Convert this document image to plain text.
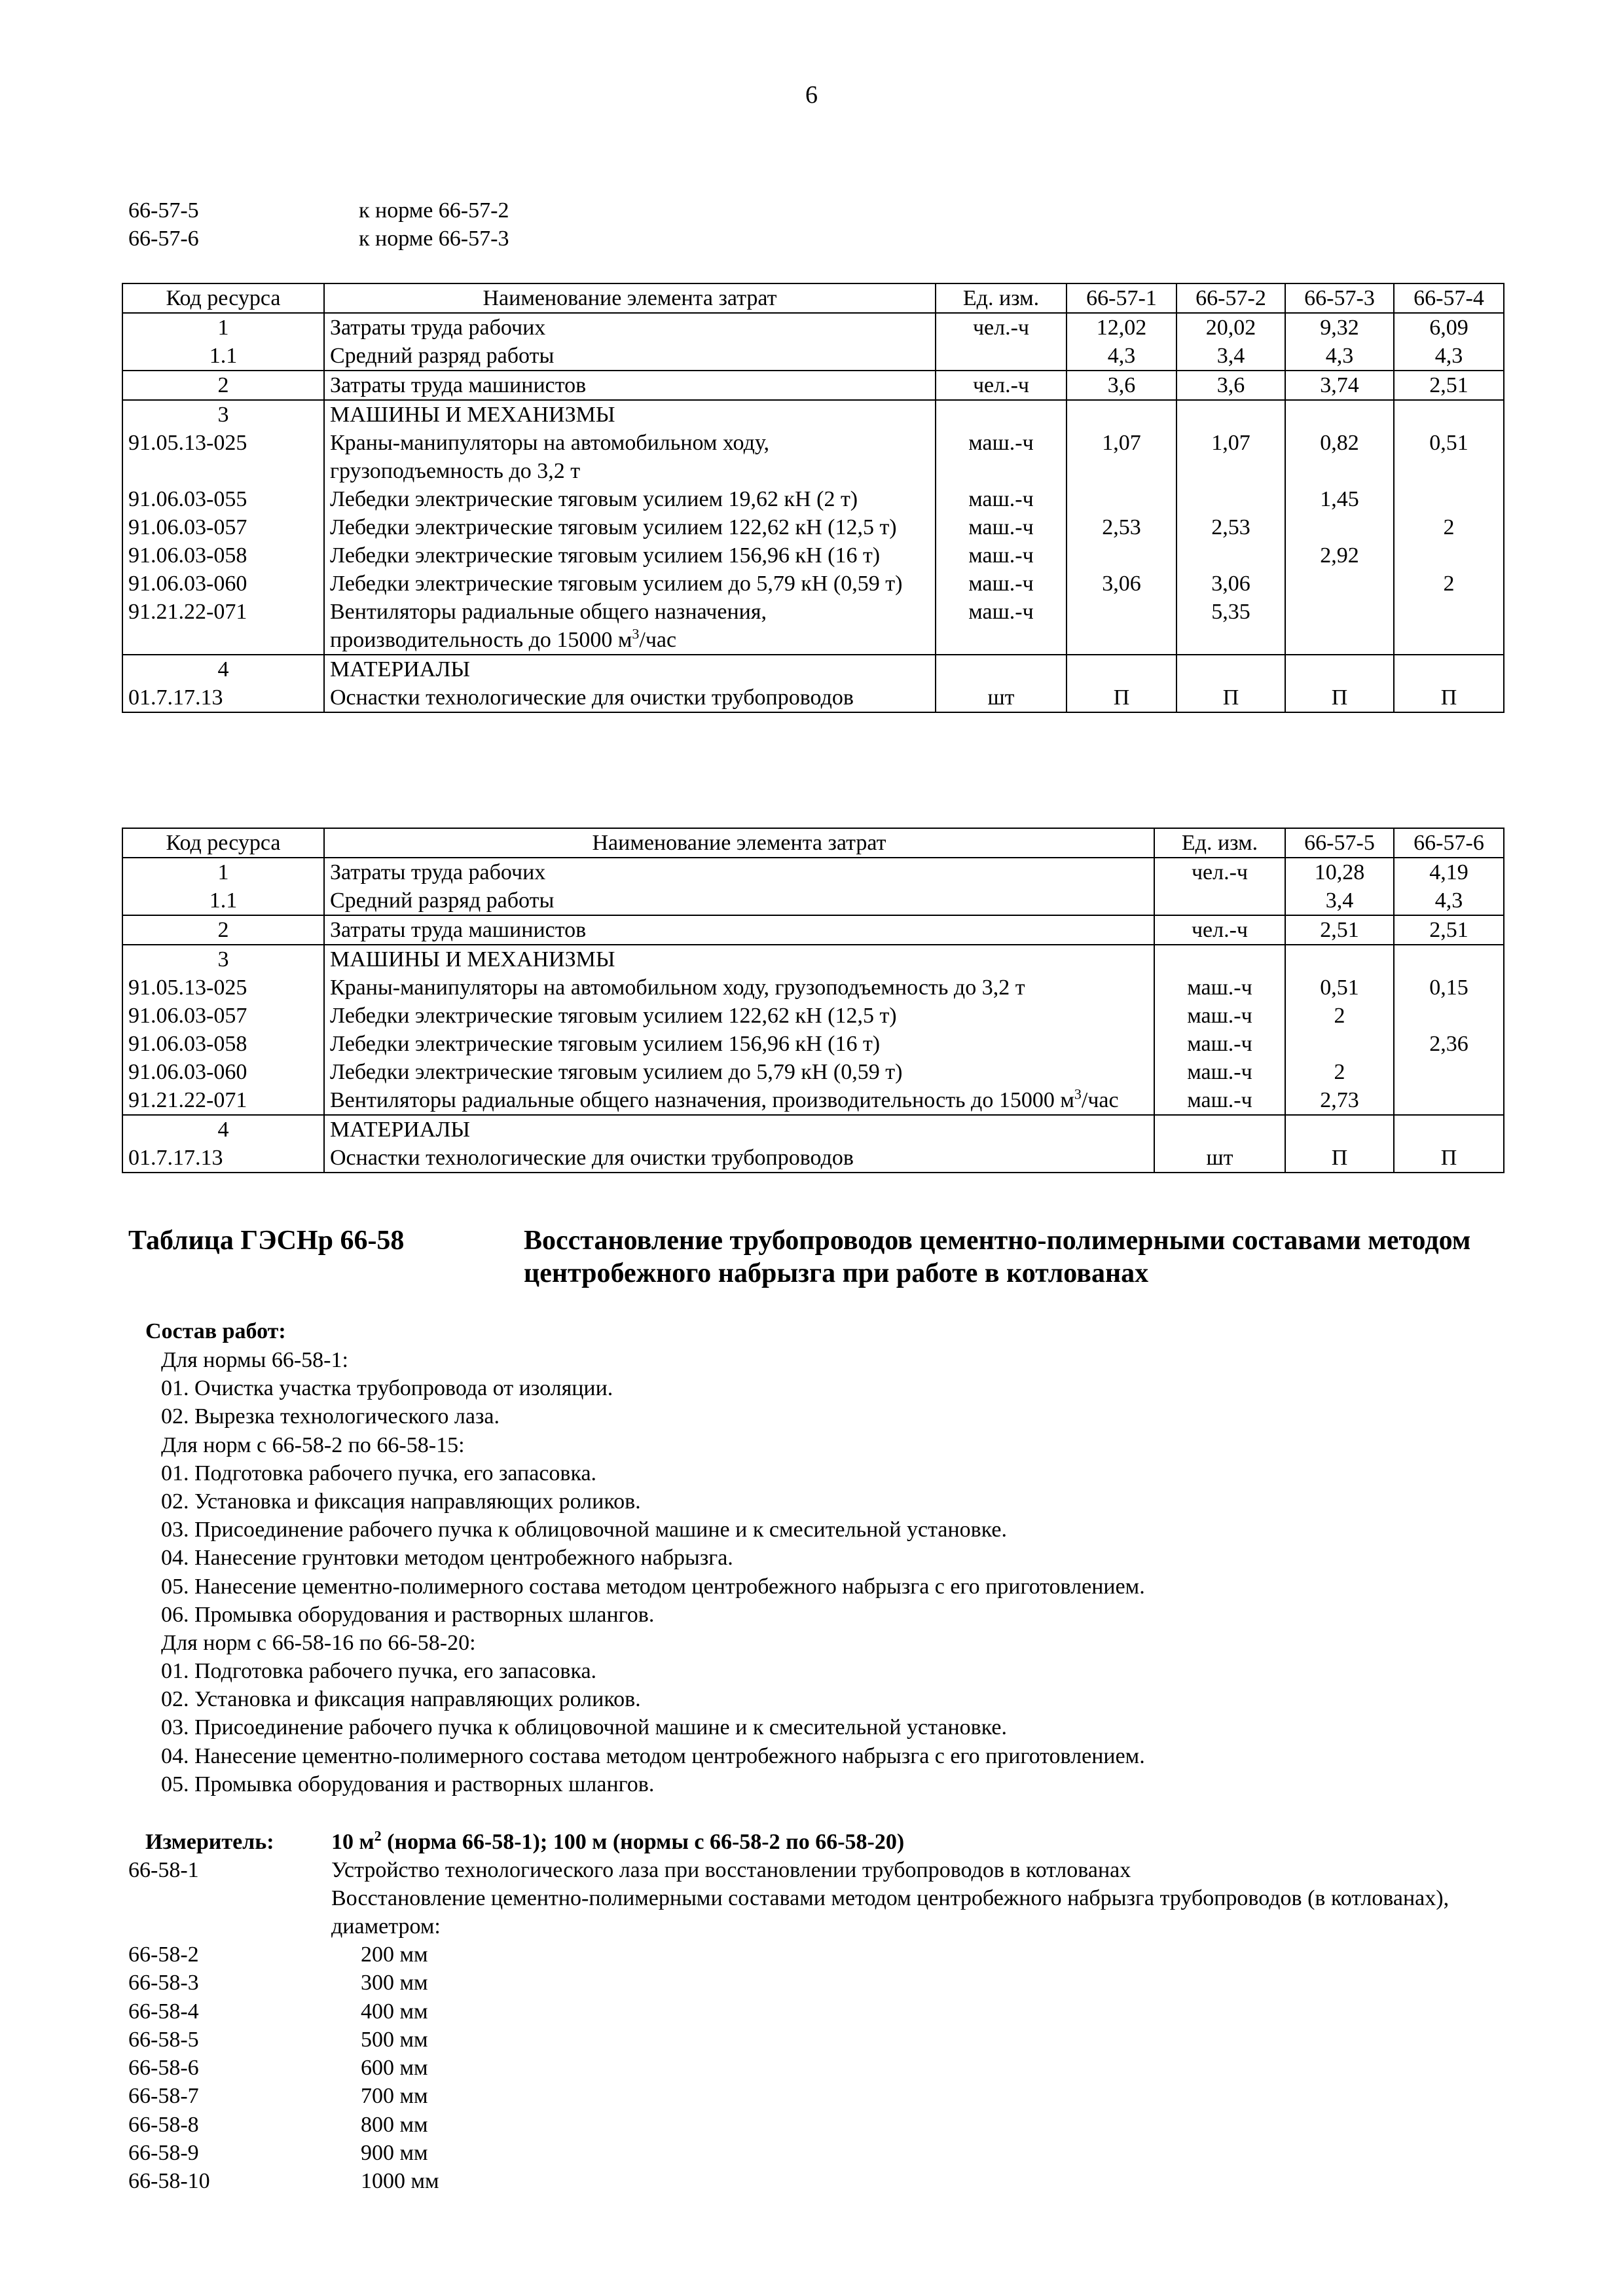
6
66-57-5	к норме 66-57-2
66-57-6	к норме 66-57-3
Код ресурса	Наименование элемента затрат	Ед. изм.	66-57-1	66-57-2	66-57-3	66-57-4
1	Затраты труда рабочих	чел.-ч	12,02	20,02	9,32	6,09
1.1	Средний разряд работы		4,3	3,4	4,3	4,3
2	Затраты труда машинистов	чел.-ч	3,6	3,6	3,74	2,51
3	МАШИНЫ И МЕХАНИЗМЫ					
91.05.13-025	Краны-манипуляторы на автомобильном ходу, грузоподъемность до 3,2 т	маш.-ч	1,07	1,07	0,82	0,51
91.06.03-055	Лебедки электрические тяговым усилием 19,62 кН (2 т)	маш.-ч			1,45	
91.06.03-057	Лебедки электрические тяговым усилием 122,62 кН (12,5 т)	маш.-ч	2,53	2,53		2
91.06.03-058	Лебедки электрические тяговым усилием 156,96 кН (16 т)	маш.-ч			2,92	
91.06.03-060	Лебедки электрические тяговым усилием до 5,79 кН (0,59 т)	маш.-ч	3,06	3,06		2
91.21.22-071	Вентиляторы радиальные общего назначения, производительность до 15000 $м^3$/час	маш.-ч		5,35		
4	МАТЕРИАЛЫ					
01.7.17.13	Оснастки технологические для очистки трубопроводов	шт	П	П	П	П
Код ресурса	Наименование элемента затрат	Ед. изм.	66-57-5	66-57-6
1	Затраты труда рабочих	чел.-ч	10,28	4,19
1.1	Средний разряд работы		3,4	4,3
2	Затраты труда машинистов	чел.-ч	2,51	2,51
3	МАШИНЫ И МЕХАНИЗМЫ			
91.05.13-025	Краны-манипуляторы на автомобильном ходу, грузоподъемность до 3,2 т	маш.-ч	0,51	0,15
91.06.03-057	Лебедки электрические тяговым усилием 122,62 кН (12,5 т)	маш.-ч	2	
91.06.03-058	Лебедки электрические тяговым усилием 156,96 кН (16 т)	маш.-ч		2,36
91.06.03-060	Лебедки электрические тяговым усилием до 5,79 кН (0,59 т)	маш.-ч	2	
91.21.22-071	Вентиляторы радиальные общего назначения, производительность до 15000 $м^3$/час	маш.-ч	2,73	
4	МАТЕРИАЛЫ			
01.7.17.13	Оснастки технологические для очистки трубопроводов	шт	П	П
Таблица ГЭСНр 66-58	Восстановление трубопроводов цементно-полимерными составами методом центробежного набрызга при работе в котлованах
Состав работ:
Для нормы 66-58-1:
01. Очистка участка трубопровода от изоляции.
02. Вырезка технологического лаза.
Для норм с 66-58-2 по 66-58-15:
01. Подготовка рабочего пучка, его запасовка.
02. Установка и фиксация направляющих роликов.
03. Присоединение рабочего пучка к облицовочной машине и к смесительной установке.
04. Нанесение грунтовки методом центробежного набрызга.
05. Нанесение цементно-полимерного состава методом центробежного набрызга с его приготовлением.
06. Промывка оборудования и растворных шлангов.
Для норм с 66-58-16 по 66-58-20:
01. Подготовка рабочего пучка, его запасовка.
02. Установка и фиксация направляющих роликов.
03. Присоединение рабочего пучка к облицовочной машине и к смесительной установке.
04. Нанесение цементно-полимерного состава методом центробежного набрызга с его приготовлением.
05. Промывка оборудования и растворных шлангов.
Измеритель:	10 $м^2$ (норма 66-58-1); 100 м (нормы с 66-58-2 по 66-58-20)
66-58-1	Устройство технологического лаза при восстановлении трубопроводов в котлованах
Восстановление цементно-полимерными составами методом центробежного набрызга трубопроводов (в котлованах), диаметром:
66-58-2	200 мм
66-58-3	300 мм
66-58-4	400 мм
66-58-5	500 мм
66-58-6	600 мм
66-58-7	700 мм
66-58-8	800 мм
66-58-9	900 мм
66-58-10	1000 мм
